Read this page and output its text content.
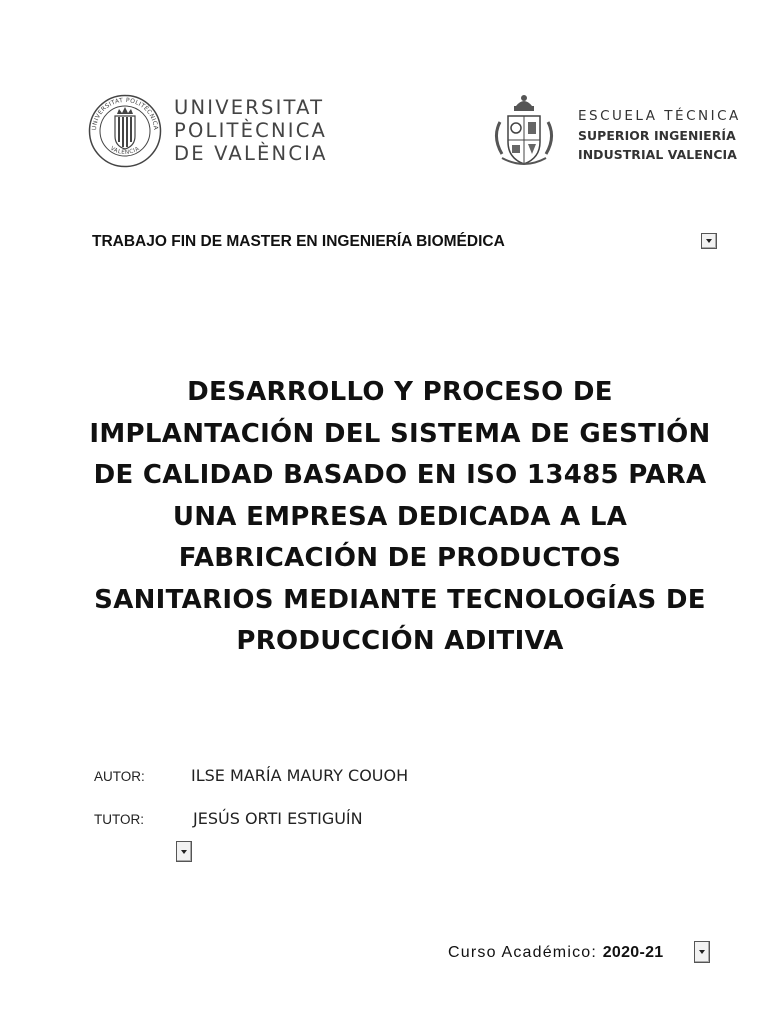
UNIVERSITAT POLITÈCNICA
VALÈNCIA
UNIVERSITAT
POLITÈCNICA
DE VALÈNCIA
ESCUELA TÉCNICA
SUPERIOR INGENIERÍA
INDUSTRIAL VALENCIA
TRABAJO FIN DE MASTER EN INGENIERÍA BIOMÉDICA
DESARROLLO Y PROCESO DE
IMPLANTACIÓN DEL SISTEMA DE GESTIÓN
DE CALIDAD BASADO EN ISO 13485 PARA
UNA EMPRESA DEDICADA A LA
FABRICACIÓN DE PRODUCTOS
SANITARIOS MEDIANTE TECNOLOGÍAS DE
PRODUCCIÓN ADITIVA
AUTOR:	ILSE MARÍA MAURY COUOH
TUTOR:	JESÚS ORTI ESTIGUÍN
Curso Académico: 2020-21
